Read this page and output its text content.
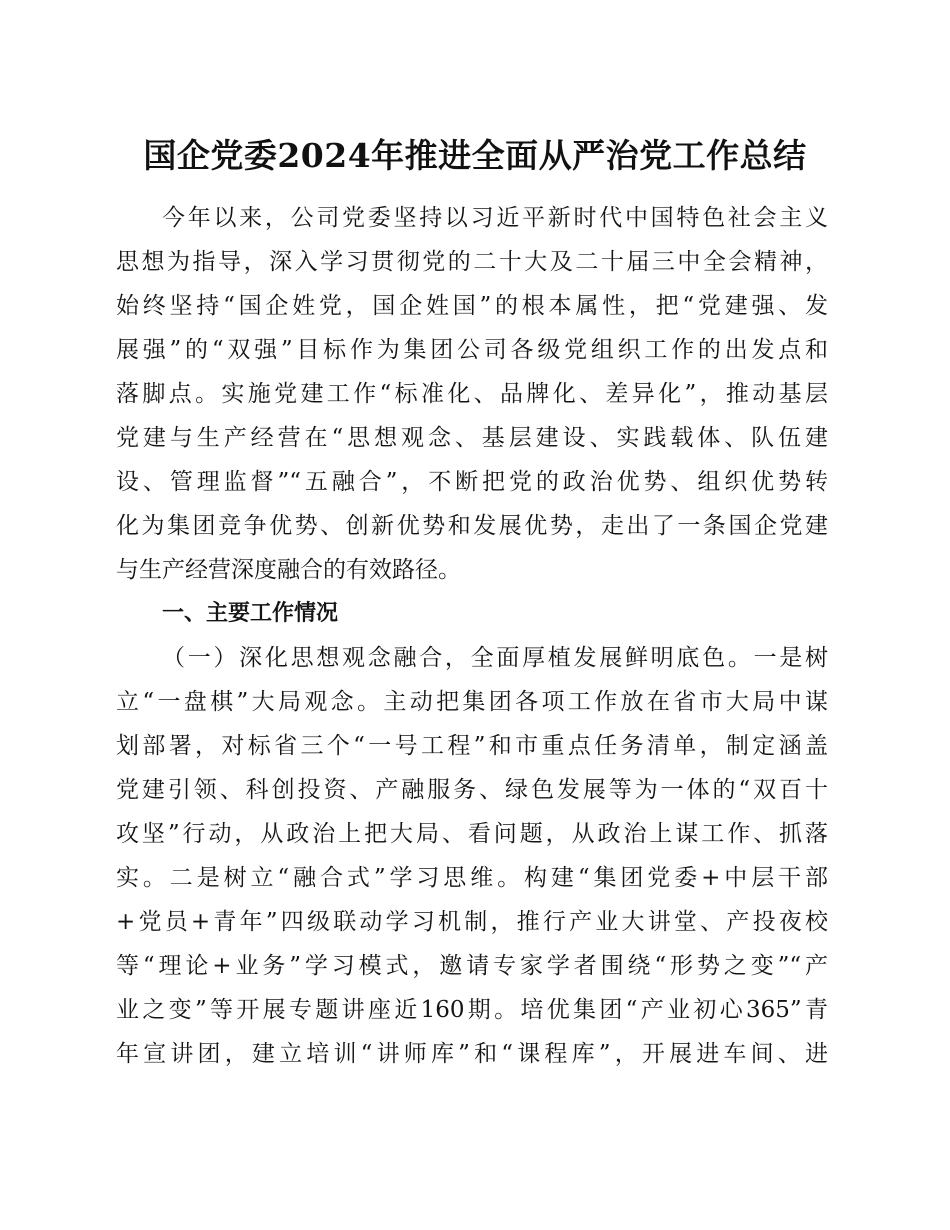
国企党委2024年推进全面从严治党工作总结
今年以来，公司党委坚持以习近平新时代中国特色社会主义
思想为指导，深入学习贯彻党的二十大及二十届三中全会精神，
始终坚持“国企姓党，国企姓国”的根本属性，把“党建强、发
展强”的“双强”目标作为集团公司各级党组织工作的出发点和
落脚点。实施党建工作“标准化、品牌化、差异化”，推动基层
党建与生产经营在“思想观念、基层建设、实践载体、队伍建
设、管理监督”“五融合”，不断把党的政治优势、组织优势转
化为集团竞争优势、创新优势和发展优势，走出了一条国企党建
与生产经营深度融合的有效路径。
一、主要工作情况
（一）深化思想观念融合，全面厚植发展鲜明底色。一是树
立“一盘棋”大局观念。主动把集团各项工作放在省市大局中谋
划部署，对标省三个“一号工程”和市重点任务清单，制定涵盖
党建引领、科创投资、产融服务、绿色发展等为一体的“双百十
攻坚”行动，从政治上把大局、看问题，从政治上谋工作、抓落
实。二是树立“融合式”学习思维。构建“集团党委+中层干部
+党员+青年”四级联动学习机制，推行产业大讲堂、产投夜校
等“理论+业务”学习模式，邀请专家学者围绕“形势之变”“产
业之变”等开展专题讲座近160期。培优集团“产业初心365”青
年宣讲团，建立培训“讲师库”和“课程库”，开展进车间、进
